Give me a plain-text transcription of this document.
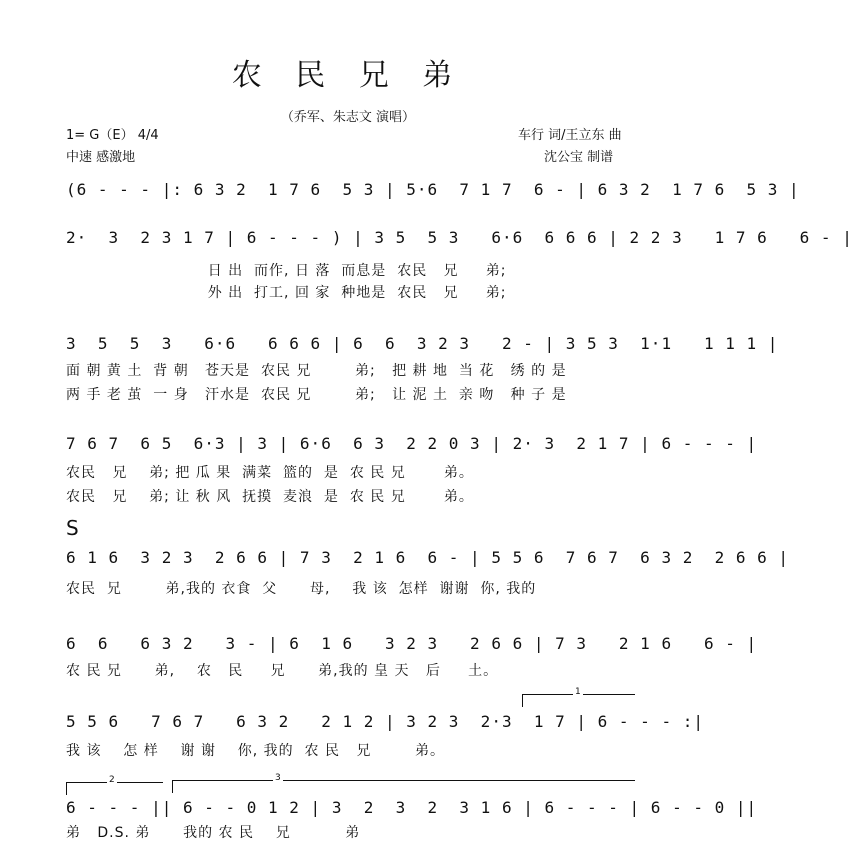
农 民 兄 弟
（乔军、朱志文 演唱）
1= G（E） 4/4
中速 感激地
车行 词/王立东 曲
沈公宝 制谱
(6 - - - |: 6 3 2  1 7 6  5 3 | 5·6  7 1 7  6 - | 6 3 2  1 7 6  5 3 |
2·  3  2 3 1 7 | 6 - - - ) | 3 5  5 3   6·6  6 6 6 | 2 2 3   1 7 6   6 - |
日 出  而作, 日 落  而息是  农民   兄     弟;
外 出  打工, 回 家  种地是  农民   兄     弟;
3  5  5  3   6·6   6 6 6 | 6  6  3 2 3   2 - | 3 5 3  1·1   1 1 1 |
面 朝 黄 土  背 朝   苍天是  农民 兄        弟;   把 耕 地  当 花   绣 的 是
两 手 老 茧  一 身   汗水是  农民 兄        弟;   让 泥 土  亲 吻   种 子 是
7 6 7  6 5  6·3 | 3 | 6·6  6 3  2 2 0 3 | 2· 3  2 1 7 | 6 - - - |
农民   兄    弟; 把 瓜 果  满菜  篮的  是  农 民 兄       弟。
农民   兄    弟; 让 秋 风  抚摸  麦浪  是  农 民 兄       弟。
S
6 1 6  3 2 3  2 6 6 | 7 3  2 1 6  6 - | 5 5 6  7 6 7  6 3 2  2 6 6 |
农民  兄        弟,我的 衣食  父      母,    我 该  怎样  谢谢  你, 我的
6  6   6 3 2   3 - | 6  1 6   3 2 3   2 6 6 | 7 3   2 1 6   6 - |
农 民 兄      弟,    农   民     兄      弟,我的 皇 天   后     土。
1
5 5 6   7 6 7   6 3 2   2 1 2 | 3 2 3  2·3  1 7 | 6 - - - :|
我 该    怎 样    谢 谢    你, 我的  农 民   兄        弟。
2	3
6 - - - || 6 - - 0 1 2 | 3  2  3  2  3 1 6 | 6 - - - | 6 - - 0 ||
弟   D.S. 弟      我的 农 民    兄          弟
